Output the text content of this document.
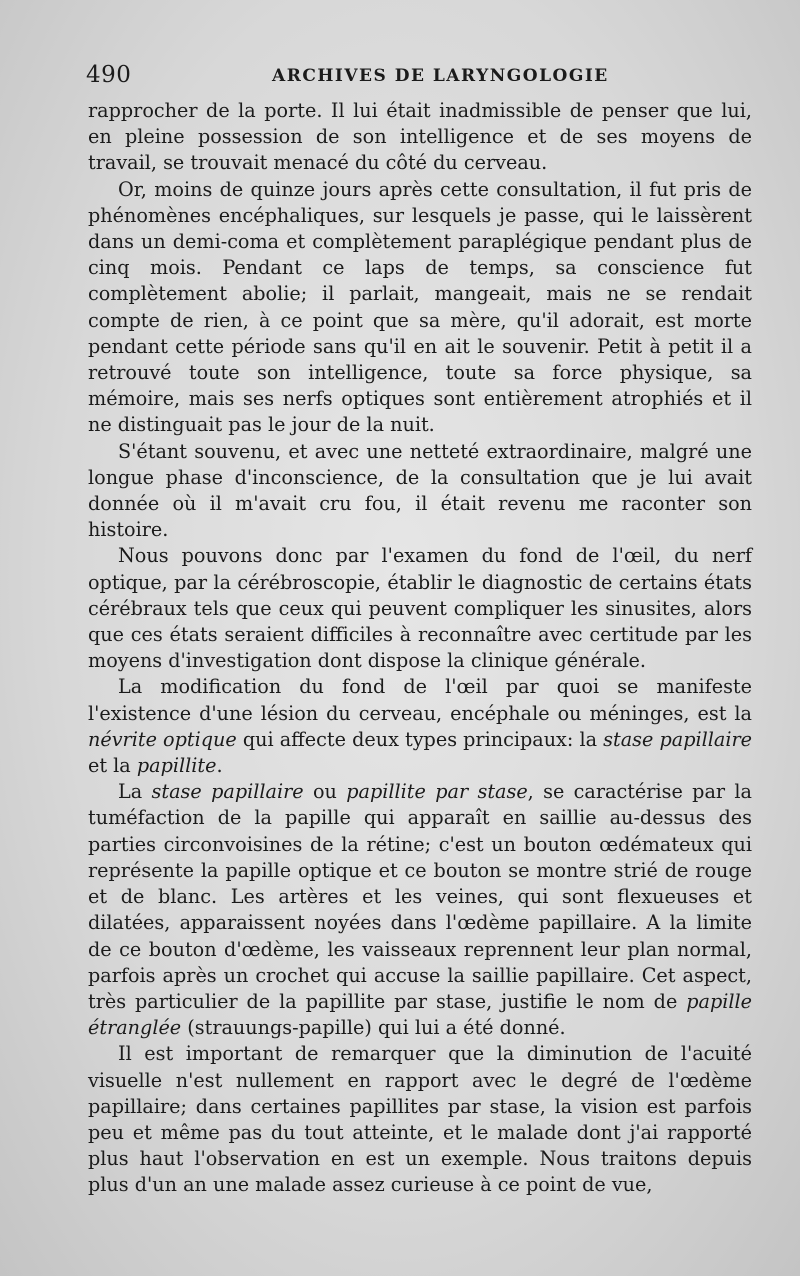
490	ARCHIVES DE LARYNGOLOGIE

rapprocher de la porte. Il lui était inadmissible de penser que lui, en pleine possession de son intelligence et de ses moyens de travail, se trouvait menacé du côté du cerveau.

Or, moins de quinze jours après cette consultation, il fut pris de phénomènes encéphaliques, sur lesquels je passe, qui le laissèrent dans un demi-coma et complètement paraplégique pendant plus de cinq mois. Pendant ce laps de temps, sa conscience fut complètement abolie; il parlait, mangeait, mais ne se rendait compte de rien, à ce point que sa mère, qu'il adorait, est morte pendant cette période sans qu'il en ait le souvenir. Petit à petit il a retrouvé toute son intelligence, toute sa force physique, sa mémoire, mais ses nerfs optiques sont entièrement atrophiés et il ne distinguait pas le jour de la nuit.

S'étant souvenu, et avec une netteté extraordinaire, malgré une longue phase d'inconscience, de la consultation que je lui avait donnée où il m'avait cru fou, il était revenu me raconter son histoire.

Nous pouvons donc par l'examen du fond de l'œil, du nerf optique, par la cérébroscopie, établir le diagnostic de certains états cérébraux tels que ceux qui peuvent compliquer les sinusites, alors que ces états seraient difficiles à reconnaître avec certitude par les moyens d'investigation dont dispose la clinique générale.

La modification du fond de l'œil par quoi se manifeste l'existence d'une lésion du cerveau, encéphale ou méninges, est la névrite optique qui affecte deux types principaux: la stase papillaire et la papillite.

La stase papillaire ou papillite par stase, se caractérise par la tuméfaction de la papille qui apparaît en saillie au-dessus des parties circonvoisines de la rétine; c'est un bouton œdémateux qui représente la papille optique et ce bouton se montre strié de rouge et de blanc. Les artères et les veines, qui sont flexueuses et dilatées, apparaissent noyées dans l'œdème papillaire. A la limite de ce bouton d'œdème, les vaisseaux reprennent leur plan normal, parfois après un crochet qui accuse la saillie papillaire. Cet aspect, très particulier de la papillite par stase, justifie le nom de papille étranglée (strauungs-papille) qui lui a été donné.

Il est important de remarquer que la diminution de l'acuité visuelle n'est nullement en rapport avec le degré de l'œdème papillaire; dans certaines papillites par stase, la vision est parfois peu et même pas du tout atteinte, et le malade dont j'ai rapporté plus haut l'observation en est un exemple. Nous traitons depuis plus d'un an une malade assez curieuse à ce point de vue,
